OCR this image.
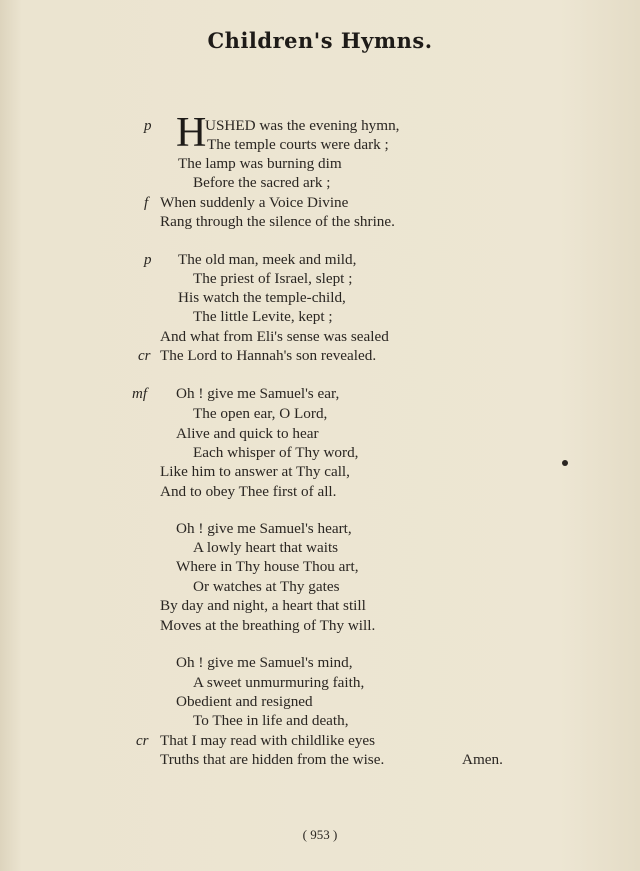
Children's Hymns.
p H
USHED was the evening hymn,
The temple courts were dark ;
The lamp was burning dim
Before the sacred ark ;
f When suddenly a Voice Divine
Rang through the silence of the shrine.
p The old man, meek and mild,
The priest of Israel, slept ;
His watch the temple-child,
The little Levite, kept ;
And what from Eli's sense was sealed
cr The Lord to Hannah's son revealed.
mf Oh ! give me Samuel's ear,
The open ear, O Lord,
Alive and quick to hear
Each whisper of Thy word,
Like him to answer at Thy call,
And to obey Thee first of all.
Oh ! give me Samuel's heart,
A lowly heart that waits
Where in Thy house Thou art,
Or watches at Thy gates
By day and night, a heart that still
Moves at the breathing of Thy will.
Oh ! give me Samuel's mind,
A sweet unmurmuring faith,
Obedient and resigned
To Thee in life and death,
cr That I may read with childlike eyes
Truths that are hidden from the wise.	Amen.
( 953 )
